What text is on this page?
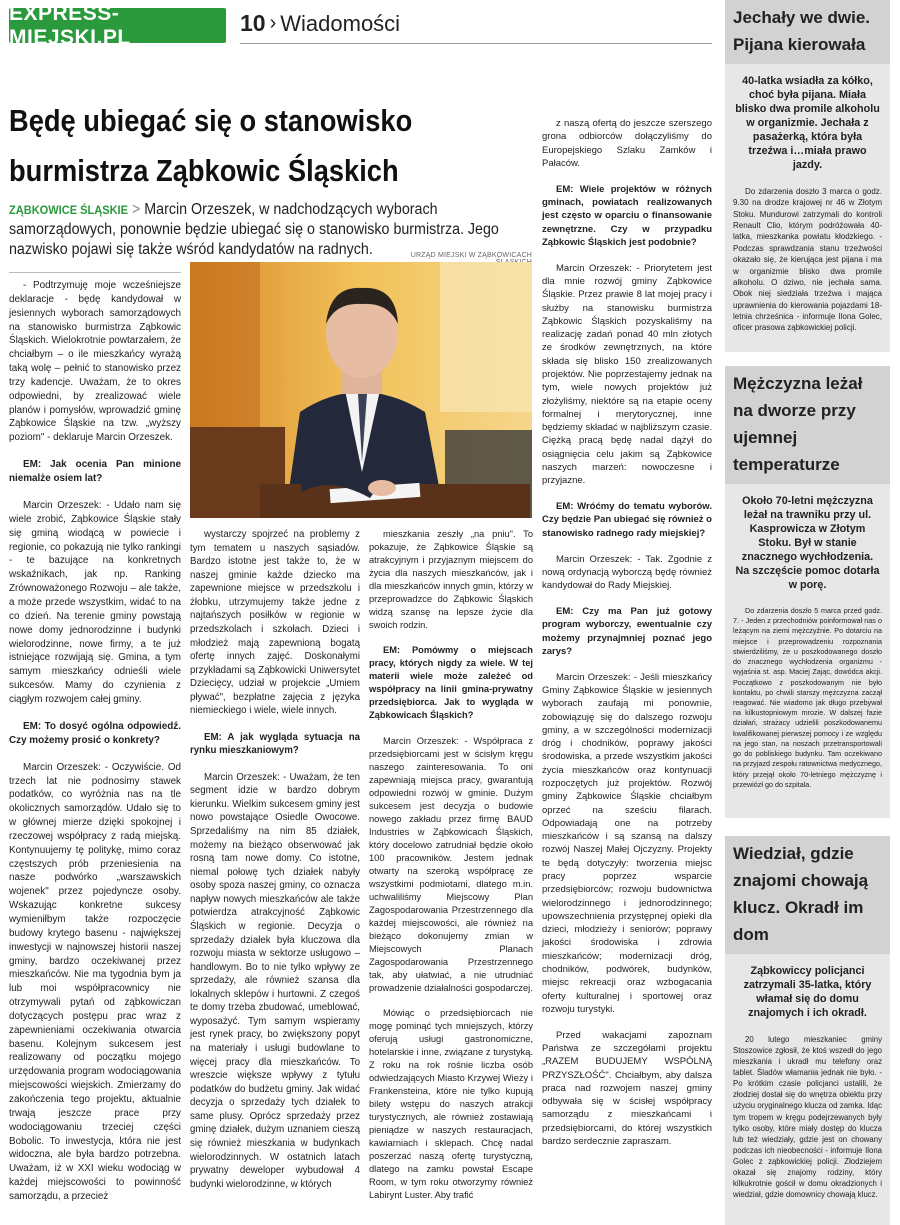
EXPRESS-MIEJSKI.PL
10 › Wiadomości
Będę ubiegać się o stanowisko burmistrza Ząbkowic Śląskich
ZĄBKOWICE ŚLĄSKIE > Marcin Orzeszek, w nadchodzących wyborach samorządowych, ponownie będzie ubiegać się o stanowisko burmistrza. Jego nazwisko pojawi się także wśród kandydatów na radnych.	URZĄD MIEJSKI W ZĄBKOWICACH

- Podtrzymuję moje wcześniejsze deklaracje - będę kandydował w jesiennych wyborach samorządowych na stanowisko burmistrza Ząbkowic Śląskich. Wielokrotnie powtarzałem, że chciałbym – o ile mieszkańcy wyrażą taką wolę – pełnić to stanowisko przez trzy kadencje. Uważam, że to okres odpowiedni, by zrealizować wiele planów i pomysłów, wprowadzić gminę Ząbkowice Śląskie na tzw. „wyższy poziom" - deklaruje Marcin Orzeszek.

EM: Jak ocenia Pan minione niemalże osiem lat?

Marcin Orzeszek: - Udało nam się wiele zrobić, Ząbkowice Śląskie stały się gminą wiodącą w powiecie i regionie, co pokazują nie tylko rankingi - te bazujące na konkretnych wskaźnikach, jak np. Ranking Zrównoważonego Rozwoju – ale także, a może przede wszystkim, widać to na co dzień. Na terenie gminy powstają nowe domy jednorodzinne i budynki wielorodzinne, nowe firmy, a te już istniejące rozwijają się. Gmina, a tym samym mieszkańcy odnieśli wiele sukcesów. Mamy do czynienia z ciągłym rozwojem całej gminy.

EM: To dosyć ogólna odpowiedź. Czy możemy prosić o konkrety?

Marcin Orzeszek: - Oczywiście. Od trzech lat nie podnosimy stawek podatków, co wyróżnia nas na tle okolicznych samorządów. Udało się to w głównej mierze dzięki spokojnej i rzeczowej współpracy z radą miejską. Kontynuujemy tę politykę, mimo coraz częstszych prób przeniesienia na nasze podwórko „warszawskich wojenek" przez pojedyncze osoby. Wskazując konkretne sukcesy wymieniłbym także rozpoczęcie budowy krytego basenu - największej inwestycji w najnowszej historii naszej gminy, bardzo oczekiwanej przez mieszkańców. Nie ma tygodnia bym ja lub moi współpracownicy nie otrzymywali pytań od ząbkowiczan dotyczących postępu prac wraz z zapewnieniami oczekiwania otwarcia basenu. Kolejnym sukcesem jest realizowany od początku mojego urzędowania program wodociągowania miejscowości wiejskich. Zmierzamy do zakończenia tego projektu, aktualnie trwają jeszcze prace przy wodociągowaniu trzeciej części Bobolic. To inwestycja, która nie jest widoczna, ale była bardzo potrzebna. Uważam, iż w XXI wieku wodociąg w każdej miejscowości to powinność samorządu, a przecież

wystarczy spojrzeć na problemy z tym tematem u naszych sąsiadów. Bardzo istotne jest także to, że w naszej gminie każde dziecko ma zapewnione miejsce w przedszkolu i żłobku, utrzymujemy także jedne z najtańszych posiłków w regionie w przedszkolach i szkołach. Dzieci i młodzież mają zapewnioną bogatą ofertę innych zajęć. Doskonałymi przykładami są Ząbkowicki Uniwersytet Dziecięcy, udział w projekcie „Umiem pływać", bezpłatne zajęcia z języka niemieckiego i wiele, wiele innych.

EM: A jak wygląda sytuacja na rynku mieszkaniowym?

Marcin Orzeszek: - Uważam, że ten segment idzie w bardzo dobrym kierunku. Wielkim sukcesem gminy jest nowo powstające Osiedle Owocowe. Sprzedaliśmy na nim 85 działek, możemy na bieżąco obserwować jak rosną tam nowe domy. Co istotne, niemal połowę tych działek nabyły osoby spoza naszej gminy, co oznacza napływ nowych mieszkańców ale także potwierdza atrakcyjność Ząbkowic Śląskich w regionie. Decyzja o sprzedaży działek była kluczowa dla rozwoju miasta w sektorze usługowo – handlowym. Bo to nie tylko wpływy ze sprzedaży, ale również szansa dla lokalnych sklepów i hurtowni. Z czegoś te domy trzeba zbudować, umeblować, wyposażyć. Tym samym wspieramy jest rynek pracy, bo zwiększony popyt na materiały i usługi budowlane to więcej pracy dla mieszkańców. To wreszcie większe wpływy z tytułu podatków do budżetu gminy. Jak widać decyzja o sprzedaży tych działek to same plusy. Oprócz sprzedaży przez gminę działek, dużym uznaniem cieszą się również mieszkania w budynkach wielorodzinnych. W ostatnich latach prywatny deweloper wybudował 4 budynki wielorodzinne, w których

mieszkania zeszły „na pniu". To pokazuje, że Ząbkowice Śląskie są atrakcyjnym i przyjaznym miejscem do życia dla naszych mieszkańców, jak i dla mieszkańców innych gmin, którzy w przeprowadzce do Ząbkowic Śląskich widzą szansę na lepsze życie dla swoich rodzin.

EM: Pomówmy o miejscach pracy, których nigdy za wiele. W tej materii wiele może zależeć od współpracy na linii gmina-prywatny przedsiębiorca. Jak to wygląda w Ząbkowicach Śląskich?

Marcin Orzeszek: - Współpraca z przedsiębiorcami jest w ścisłym kręgu naszego zainteresowania. To oni zapewniają miejsca pracy, gwarantują odpowiedni rozwój w gminie. Dużym sukcesem jest decyzja o budowie nowego zakładu przez firmę BAUD Industries w Ząbkowicach Śląskich, który docelowo zatrudniał będzie około 100 pracowników. Jestem jednak otwarty na szeroką współpracę ze wszystkimi podmiotami, dlatego m.in. uchwaliliśmy Miejscowy Plan Zagospodarowania Przestrzennego dla każdej miejscowości, ale również na bieżąco dokonujemy zmian w Miejscowych Planach Zagospodarowania Przestrzennego tak, aby ułatwiać, a nie utrudniać prowadzenie działalności gospodarczej.

Mówiąc o przedsiębiorcach nie mogę pominąć tych mniejszych, którzy oferują usługi gastronomiczne, hotelarskie i inne, związane z turystyką. Z roku na rok rośnie liczba osób odwiedzających Miasto Krzywej Wieży i Frankensteina, które nie tylko kupują bilety wstępu do naszych atrakcji turystycznych, ale również zostawiają pieniądze w naszych restauracjach, kawiarniach i sklepach. Chcę nadal poszerzać naszą ofertę turystyczną, dlatego na zamku powstał Escape Room, w tym roku otworzymy również Labirynt Luster. Aby trafić

z naszą ofertą do jeszcze szerszego grona odbiorców dołączyliśmy do Europejskiego Szlaku Zamków i Pałaców.

EM: Wiele projektów w różnych gminach, powiatach realizowanych jest często w oparciu o finansowanie zewnętrzne. Czy w przypadku Ząbkowic Śląskich jest podobnie?

Marcin Orzeszek: - Priorytetem jest dla mnie rozwój gminy Ząbkowice Śląskie. Przez prawie 8 lat mojej pracy i służby na stanowisku burmistrza Ząbkowic Śląskich pozyskaliśmy na realizację zadań ponad 40 mln złotych ze środków zewnętrznych, na które składa się blisko 150 zrealizowanych projektów. Nie poprzestajemy jednak na tym, wiele nowych projektów już złożyliśmy, niektóre są na etapie oceny formalnej i merytorycznej, inne będziemy składać w najbliższym czasie. Ciężką pracą będę nadal dążył do osiągnięcia celu jakim są Ząbkowice naszych marzeń: nowoczesne i przyjazne.

EM: Wróćmy do tematu wyborów. Czy będzie Pan ubiegać się również o stanowisko radnego rady miejskiej?

Marcin Orzeszek: - Tak. Zgodnie z nową ordynacją wyborczą będę również kandydował do Rady Miejskiej.

EM: Czy ma Pan już gotowy program wyborczy, ewentualnie czy możemy przynajmniej poznać jego zarys?

Marcin Orzeszek: - Jeśli mieszkańcy Gminy Ząbkowice Śląskie w jesiennych wyborach zaufają mi ponownie, zobowiązuję się do dalszego rozwoju gminy, a w szczególności modernizacji dróg i chodników, poprawy jakości środowiska, a przede wszystkim jakości życia mieszkańców oraz kontynuacji rozpoczętych już projektów. Rozwój gminy Ząbkowice Śląskie chciałbym oprzeć na sześciu filarach. Odpowiadają one na potrzeby mieszkańców i są szansą na dalszy rozwój Naszej Małej Ojczyzny. Projekty te będą dotyczyły: tworzenia miejsc pracy poprzez wsparcie przedsiębiorców; rozwoju budownictwa wielorodzinnego i jednorodzinnego; upowszechnienia przystępnej opieki dla dzieci, młodzieży i seniorów; poprawy jakości środowiska i zdrowia mieszkańców; modernizacji dróg, chodników, podwórek, budynków, miejsc rekreacji oraz wzbogacania oferty kulturalnej i sportowej oraz rozwoju turystyki.

Przed wakacjami zapoznam Państwa ze szczegółami projektu „RAZEM BUDUJEMY WSPÓLNĄ PRZYSZŁOŚĆ". Chciałbym, aby dalsza praca nad rozwojem naszej gminy odbywała się w ścisłej współpracy samorządu z mieszkańcami i przedsiębiorcami, do której wszystkich bardzo serdecznie zapraszam.

Jechały we dwie. Pijana kierowała
40-latka wsiadła za kółko, choć była pijana. Miała blisko dwa promile alkoholu w organizmie. Jechała z pasażerką, która była trzeźwa i…miała prawo jazdy.
Do zdarzenia doszło 3 marca o godz. 9.30 na drodze krajowej nr 46 w Złotym Stoku. Mundurowi zatrzymali do kontroli Renault Clio, którym podróżowała 40-latka, mieszkanka powiatu kłodzkiego. - Podczas sprawdzania stanu trzeźwości okazało się, że kierująca jest pijana i ma w organizmie blisko dwa promile alkoholu. O dziwo, nie jechała sama. Obok niej siedziała trzeźwa i mająca uprawnienia do kierowania pojazdami 18-letnia chrześnica - informuje Ilona Golec, oficer prasowa ząbkowickiej policji.
Mężczyzna leżał na dworze przy ujemnej temperaturze
Około 70-letni mężczyzna leżał na trawniku przy ul. Kasprowicza w Złotym Stoku. Był w stanie znacznego wychłodzenia. Na szczęście pomoc dotarła w porę.
Do zdarzenia doszło 5 marca przed godz. 7. - Jeden z przechodniów poinformował nas o leżącym na ziemi mężczyźnie. Po dotarciu na miejsce i przeprowadzeniu rozpoznania stwierdziliśmy, że u poszkodowanego doszło do znacznego wychłodzenia organizmu - wyjaśnia st. asp. Maciej Zając, dowódca akcji. Początkowo z poszkodowanym nie było kontaktu, po chwili starszy mężczyzna zaczął reagować. Nie wiadomo jak długo przebywał na kilkustopniowym mrozie. W dalszej fazie działań, strażacy udzielili poszkodowanemu kwalifikowanej pierwszej pomocy i ze względu na jego stan, na noszach przetransportowali go do pobliskiego budynku. Tam oczekiwano na przyjazd zespołu ratownictwa medycznego, który przejął około 70-letniego mężczyznę i przewiózł go do szpitala.
Wiedział, gdzie znajomi chowają klucz. Okradł im dom
Ząbkowiccy policjanci zatrzymali 35-latka, który włamał się do domu znajomych i ich okradł.
20 lutego mieszkaniec gminy Stoszowice zgłosił, że ktoś wszedł do jego mieszkania i ukradł mu telefony oraz tablet. Śladów włamania jednak nie było. - Po krótkim czasie policjanci ustalili, że złodziej dostał się do wnętrza obiektu przy użyciu oryginalnego klucza od zamka. Idąc tym tropem w kręgu podejrzewanych były tylko osoby, które miały dostęp do klucza lub też wiedziały, gdzie jest on chowany podczas ich nieobecności - informuje Ilona Golec z ząbkowickiej policji. Złodziejem okazał się znajomy rodziny, który kilkukrotnie gościł w domu okradzionych i wiedział, gdzie domownicy chowają klucz.
